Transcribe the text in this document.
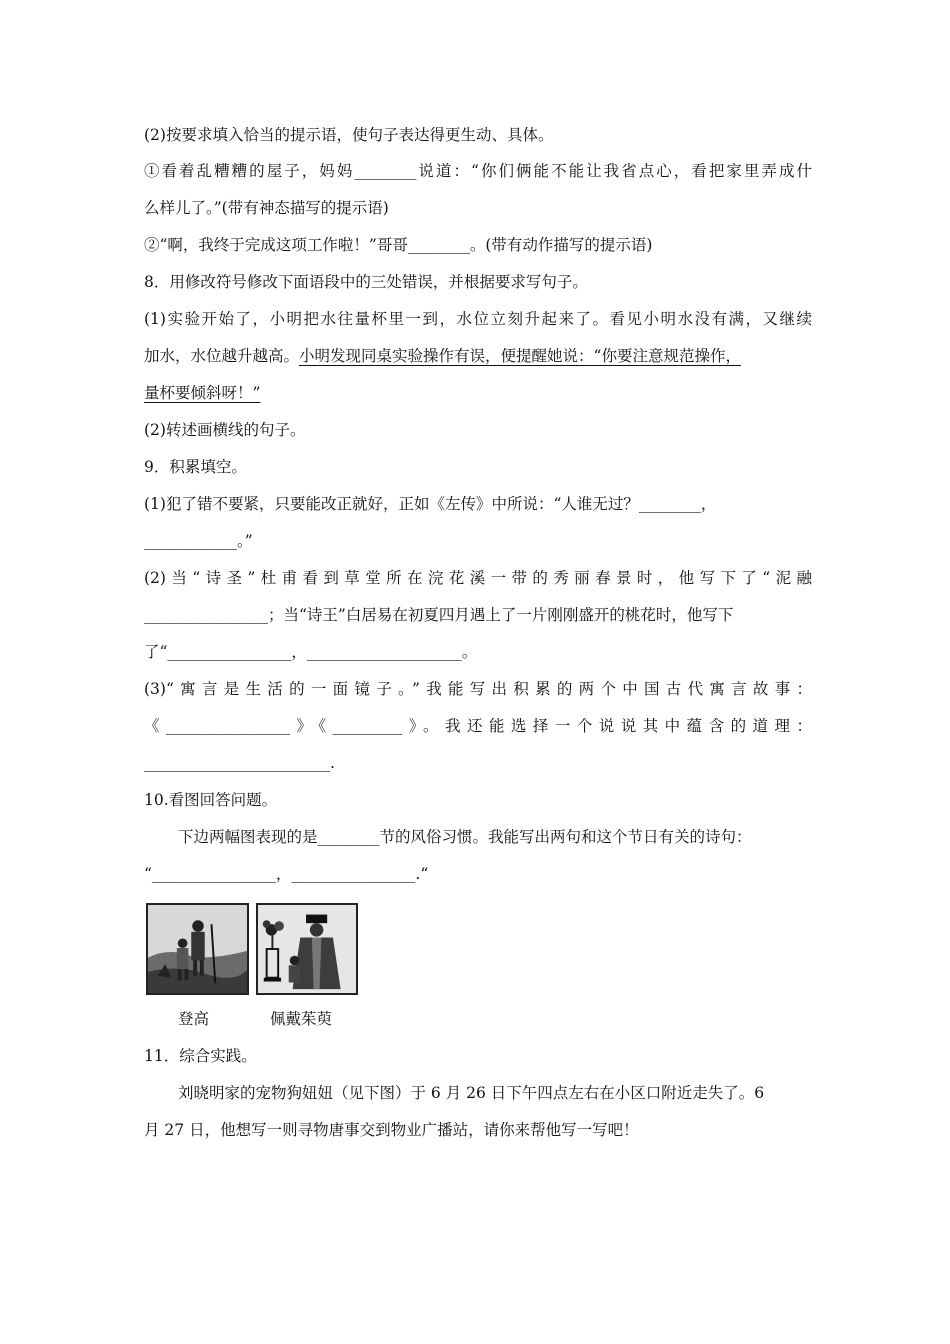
(2)按要求填入恰当的提示语，使句子表达得更生动、具体。
①看着乱糟糟的屋子，妈妈________说道：“你们俩能不能让我省点心，看把家里弄成什
么样儿了。”(带有神态描写的提示语)
②“啊，我终于完成这项工作啦！”哥哥________。(带有动作描写的提示语)
8．用修改符号修改下面语段中的三处错误，并根据要求写句子。
(1)实验开始了，小明把水往量杯里一到，水位立刻升起来了。看见小明水没有满，又继续
加水，水位越升越高。小明发现同桌实验操作有误，便提醒她说：“你要注意规范操作，
量杯要倾斜呀！”
(2)转述画横线的句子。
9．积累填空。
(1)犯了错不要紧，只要能改正就好，正如《左传》中所说：“人谁无过？________，
____________。”
(2)当“诗圣”杜甫看到草堂所在浣花溪一带的秀丽春景时，他写下了“泥融
________________；当“诗王”白居易在初夏四月遇上了一片刚刚盛开的桃花时，他写下
了“________________，____________________。
(3)“寓言是生活的一面镜子。”我能写出积累的两个中国古代寓言故事：
《________________》《_________》。我还能选择一个说说其中蕴含的道理：
________________________.
10.看图回答问题。
下边两幅图表现的是________节的风俗习惯。我能写出两句和这个节日有关的诗句：
“________________，________________.“
登高	佩戴茱萸
11．综合实践。
刘晓明家的宠物狗妞妞（见下图）于 6 月 26 日下午四点左右在小区口附近走失了。6
月 27 日，他想写一则寻物唐事交到物业广播站，请你来帮他写一写吧！
